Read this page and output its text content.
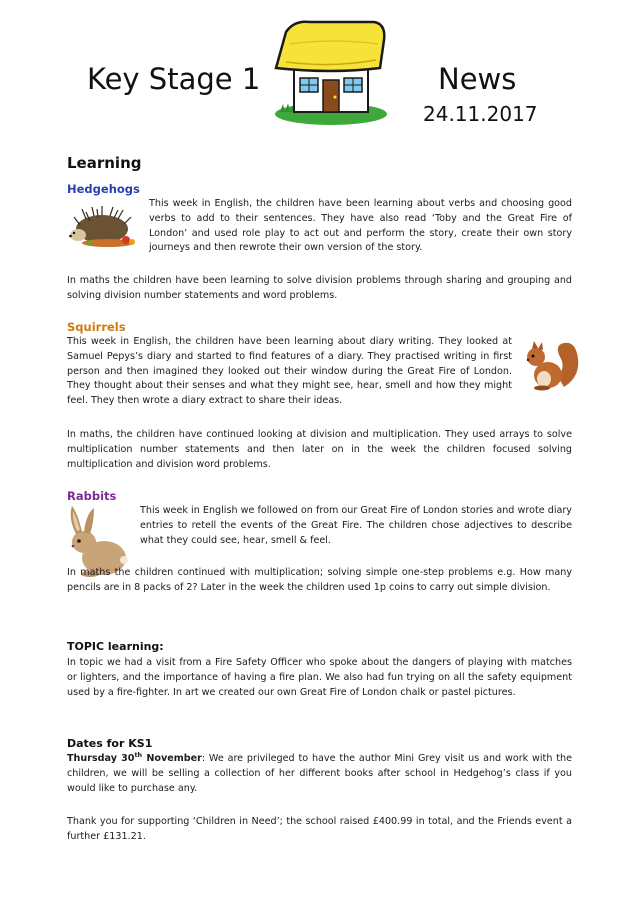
Key Stage 1	News
24.11.2017
Learning
Hedgehogs

This week in English, the children have been learning about verbs and choosing good verbs to add to their sentences. They have also read ‘Toby and the Great Fire of London’ and used role play to act out and perform the story, create their own story journeys and then rewrote their own version of the story.

In maths the children have been learning to solve division problems through sharing and grouping and solving division number statements and word problems.

Squirrels

This week in English, the children have been learning about diary writing. They looked at Samuel Pepys’s diary and started to find features of a diary. They practised writing in first person and then imagined they looked out their window during the Great Fire of London. They thought about their senses and what they might see, hear, smell and how they might feel. They then wrote a diary extract to share their ideas.

In maths, the children have continued looking at division and multiplication. They used arrays to solve multiplication number statements and then later on in the week the children focused solving multiplication and division word problems.

Rabbits

This week in English we followed on from our Great Fire of London stories and wrote diary entries to retell the events of the Great Fire. The children chose adjectives to describe what they could see, hear, smell & feel.

In maths the children continued with multiplication; solving simple one-step problems e.g. How many pencils are in 8 packs of 2? Later in the week the children used 1p coins to carry out simple division.

TOPIC learning:

In topic we had a visit from a Fire Safety Officer who spoke about the dangers of playing with matches or lighters, and the importance of having a fire plan. We also had fun trying on all the safety equipment used by a fire-fighter. In art we created our own Great Fire of London chalk or pastel pictures.

Dates for KS1

Thursday 30th November: We are privileged to have the author Mini Grey visit us and work with the children, we will be selling a collection of her different books after school in Hedgehog’s class if you would like to purchase any.

Thank you for supporting ‘Children in Need’; the school raised £400.99 in total, and the Friends event a further £131.21.
